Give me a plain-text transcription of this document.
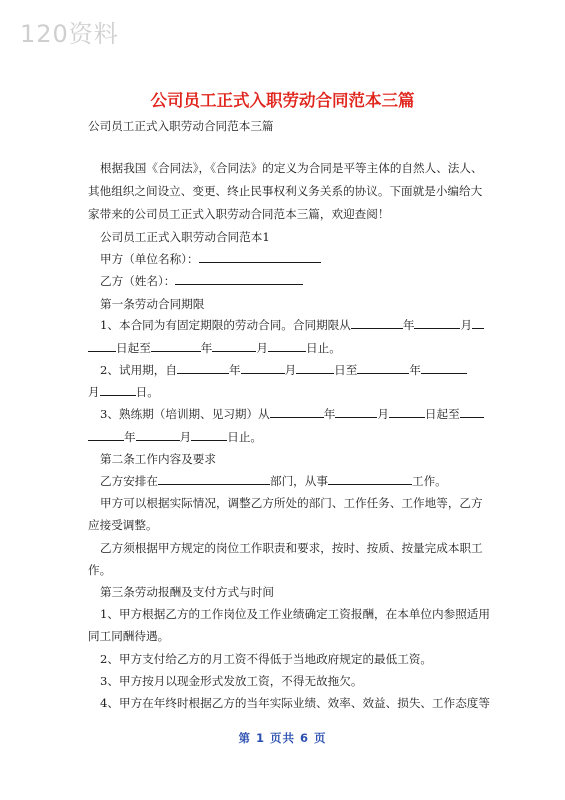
120资料
公司员工正式入职劳动合同范本三篇
公司员工正式入职劳动合同范本三篇
根据我国《合同法》，《合同法》的定义为合同是平等主体的自然人、法人、
其他组织之间设立、变更、终止民事权利义务关系的协议。下面就是小编给大
家带来的公司员工正式入职劳动合同范本三篇，欢迎查阅！
公司员工正式入职劳动合同范本1
甲方（单位名称）：
乙方（姓名）：
第一条劳动合同期限
1、本合同为有固定期限的劳动合同。合同期限从	年	月
日起至	年	月	日止。
2、试用期，自	年	月	日至	年
月	日。
3、熟练期（培训期、见习期）从	年	月	日起至
年	月	日止。
第二条工作内容及要求
乙方安排在	部门，从事	工作。
甲方可以根据实际情况，调整乙方所处的部门、工作任务、工作地等，乙方
应接受调整。
乙方须根据甲方规定的岗位工作职责和要求，按时、按质、按量完成本职工
作。
第三条劳动报酬及支付方式与时间
1、甲方根据乙方的工作岗位及工作业绩确定工资报酬，在本单位内参照适用
同工同酬待遇。
2、甲方支付给乙方的月工资不得低于当地政府规定的最低工资。
3、甲方按月以现金形式发放工资，不得无故拖欠。
4、甲方在年终时根据乙方的当年实际业绩、效率、效益、损失、工作态度等
第 1 页共 6 页
